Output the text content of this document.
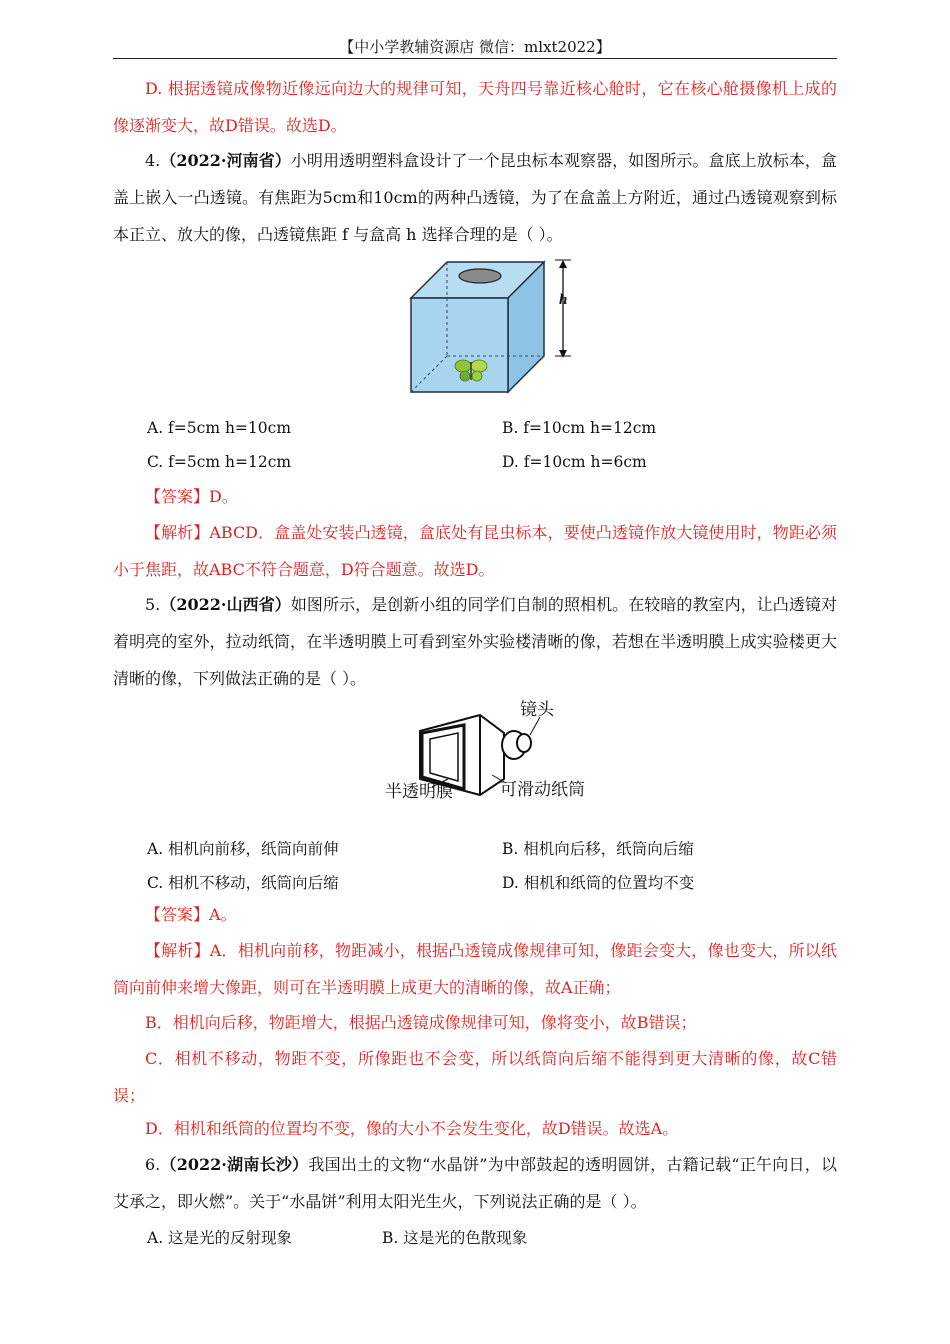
【中小学教辅资源店 微信：mlxt2022】
D. 根据透镜成像物近像远向边大的规律可知，天舟四号靠近核心舱时，它在核心舱摄像机上成的像逐渐变大，故D错误。故选D。
4.（2022·河南省）小明用透明塑料盒设计了一个昆虫标本观察器，如图所示。盒底上放标本，盒盖上嵌入一凸透镜。有焦距为5cm和10cm的两种凸透镜，为了在盒盖上方附近，通过凸透镜观察到标本正立、放大的像，凸透镜焦距 f 与盒高 h 选择合理的是（ ）。
h
A. f=5cm h=10cm	B. f=10cm h=12cm
C. f=5cm h=12cm	D. f=10cm h=6cm
【答案】D。
【解析】ABCD．盒盖处安装凸透镜，盒底处有昆虫标本，要使凸透镜作放大镜使用时，物距必须小于焦距，故ABC不符合题意，D符合题意。故选D。
5.（2022·山西省）如图所示，是创新小组的同学们自制的照相机。在较暗的教室内，让凸透镜对着明亮的室外，拉动纸筒，在半透明膜上可看到室外实验楼清晰的像，若想在半透明膜上成实验楼更大清晰的像，下列做法正确的是（ ）。
镜头
半透明膜	可滑动纸筒
A. 相机向前移，纸筒向前伸	B. 相机向后移，纸筒向后缩
C. 相机不移动，纸筒向后缩	D. 相机和纸筒的位置均不变
【答案】A。
【解析】A．相机向前移，物距减小，根据凸透镜成像规律可知，像距会变大，像也变大，所以纸筒向前伸来增大像距，则可在半透明膜上成更大的清晰的像，故A正确；
B．相机向后移，物距增大，根据凸透镜成像规律可知，像将变小，故B错误；
C．相机不移动，物距不变，所像距也不会变，所以纸筒向后缩不能得到更大清晰的像，故C错误；
D．相机和纸筒的位置均不变，像的大小不会发生变化，故D错误。故选A。
6.（2022·湖南长沙）我国出土的文物“水晶饼”为中部鼓起的透明圆饼，古籍记载“正午向日，以艾承之，即火燃”。关于“水晶饼”利用太阳光生火，下列说法正确的是（ ）。
A. 这是光的反射现象	B. 这是光的色散现象
